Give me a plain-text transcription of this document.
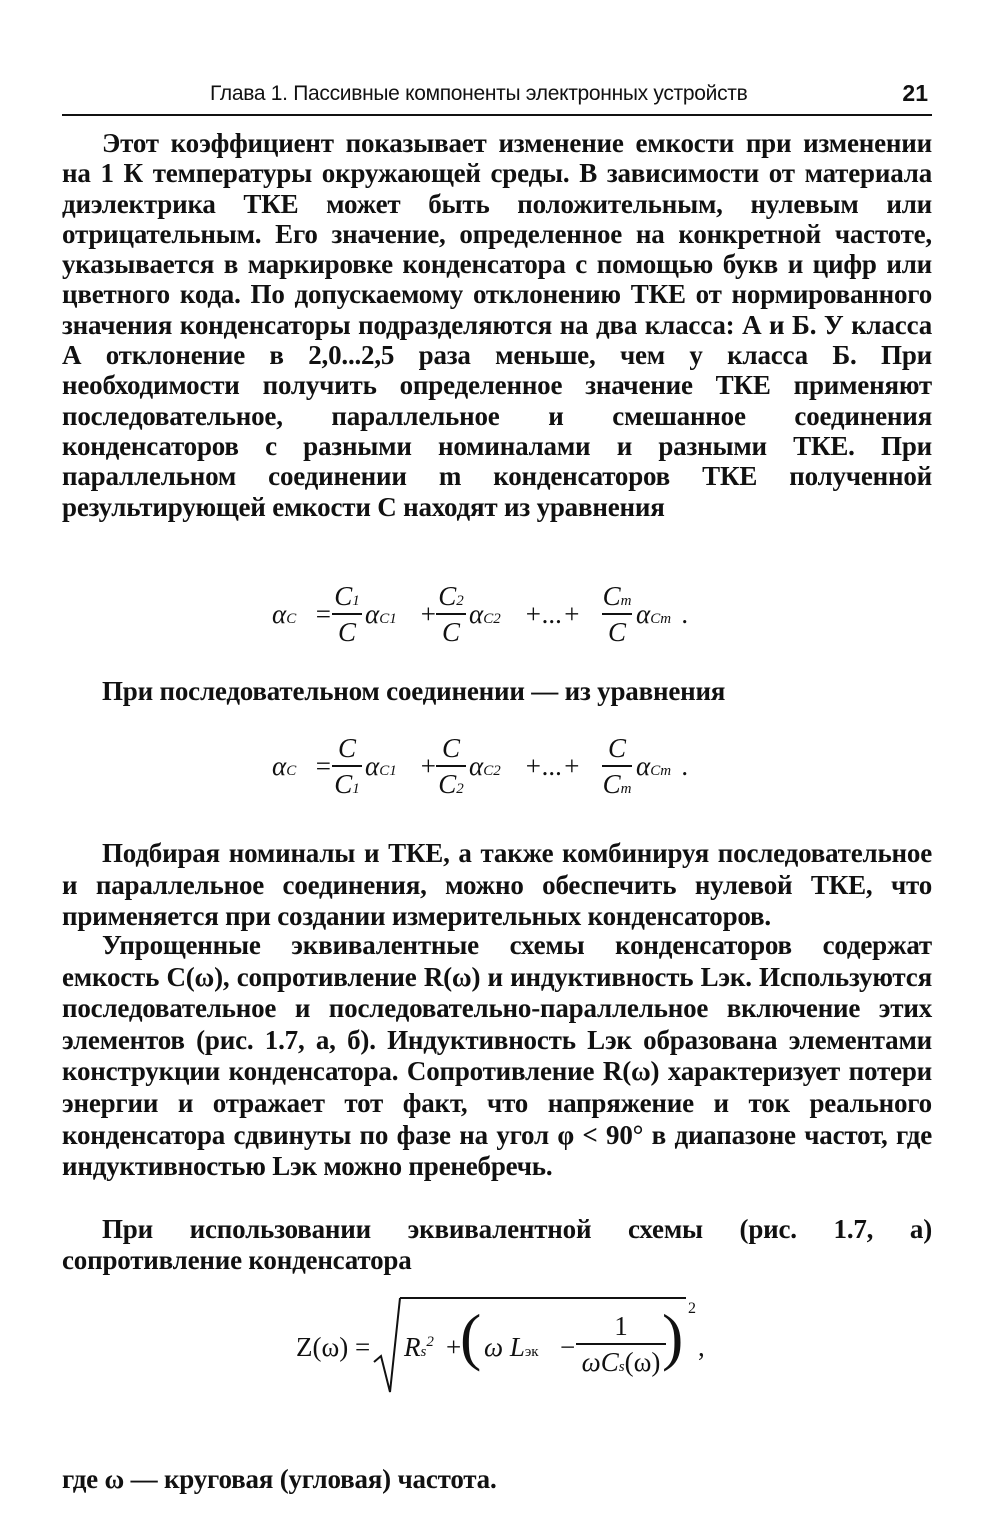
Глава 1. Пассивные компоненты электронных устройств	21

Этот коэффициент показывает изменение емкости при изменении на 1 К температуры окружающей среды. В зависимости от материала диэлектрика ТКЕ может быть положительным, нулевым или отрицательным. Его значение, определенное на конкретной частоте, указывается в маркировке конденсатора с помощью букв и цифр или цветного кода. По допускаемому отклонению ТКЕ от нормированного значения конденсаторы подразделяются на два класса: А и Б. У класса А отклонение в 2,0...2,5 раза меньше, чем у класса Б. При необходимости получить определенное значение ТКЕ применяют последовательное, параллельное и смешанное соединения конденсаторов с разными номиналами и разными ТКЕ. При параллельном соединении m конденсаторов ТКЕ полученной результирующей емкости C находят из уравнения

αC =
C1
C
αC1 +
C2
C
αC2 +...+
Cm
C
αCm .

При последовательном соединении — из уравнения

αC =
C
C1
αC1 +
C
C2
αC2 +...+
C
Cm
αCm .

Подбирая номиналы и ТКЕ, а также комбинируя последовательное и параллельное соединения, можно обеспечить нулевой ТКЕ, что применяется при создании измерительных конденсаторов.

Упрощенные эквивалентные схемы конденсаторов содержат емкость C(ω), сопротивление R(ω) и индуктивность Lэк. Используются последовательное и последовательно-параллельное включение этих элементов (рис. 1.7, а, б). Индуктивность Lэк образована элементами конструкции конденсатора. Сопротивление R(ω) характеризует потери энергии и отражает тот факт, что напряжение и ток реального конденсатора сдвинуты по фазе на угол φ < 90° в диапазоне частот, где индуктивностью Lэк можно пренебречь.

При использовании эквивалентной схемы (рис. 1.7, а) сопротивление конденсатора

$Z(\omega) = Rs^2$ +
( ω Lэк −
1
ωCs(ω) ) 2
,

где ω — круговая (угловая) частота.
